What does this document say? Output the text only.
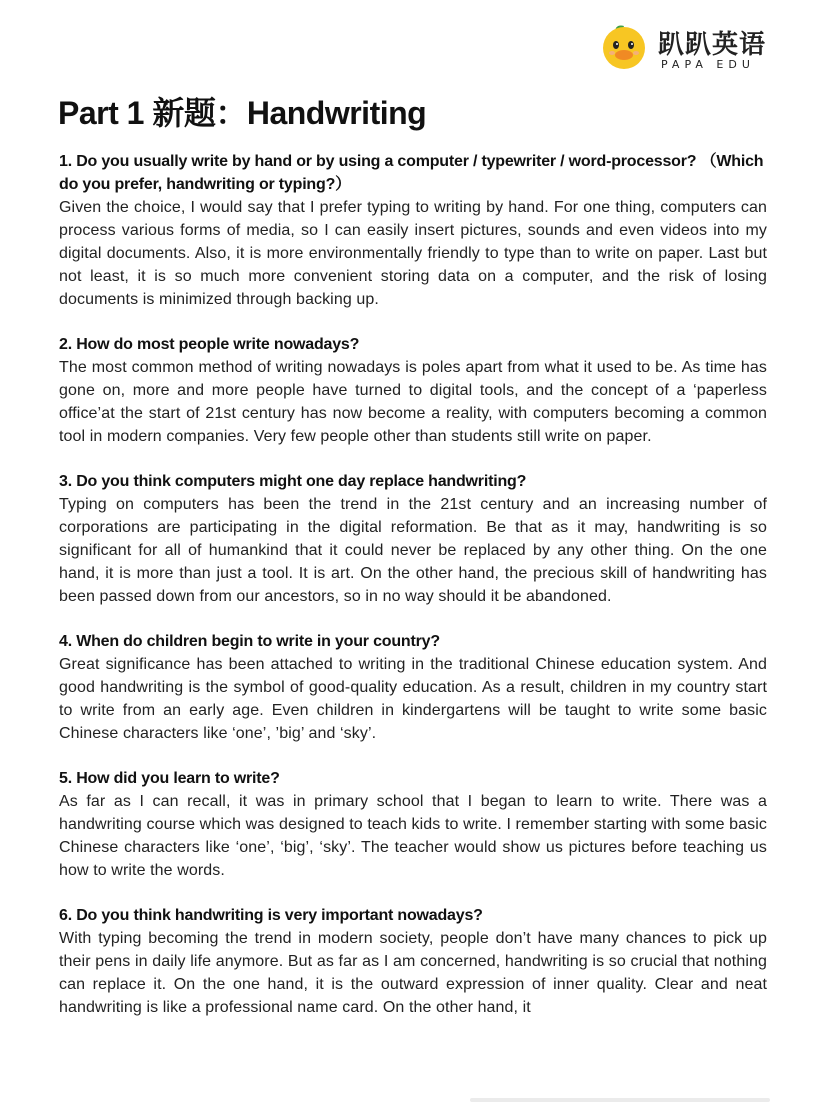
趴趴英语
PAPA EDU
Part 1 新题：Handwriting
1. Do you usually write by hand or by using a computer / typewriter / word-processor? （Which do you prefer, handwriting or typing?）
Given the choice, I would say that I prefer typing to writing by hand. For one thing, computers can process various forms of media, so I can easily insert pictures, sounds and even videos into my digital documents. Also, it is more environmentally friendly to type than to write on paper. Last but not least, it is so much more convenient storing data on a computer, and the risk of losing documents is minimized through backing up.
2. How do most people write nowadays?
The most common method of writing nowadays is poles apart from what it used to be. As time has gone on, more and more people have turned to digital tools, and the concept of a ‘paperless office’at the start of 21st century has now become a reality, with computers becoming a common tool in modern companies. Very few people other than students still write on paper.
3. Do you think computers might one day replace handwriting?
Typing on computers has been the trend in the 21st century and an increasing number of corporations are participating in the digital reformation. Be that as it may, handwriting is so significant for all of humankind that it could never be replaced by any other thing. On the one hand, it is more than just a tool. It is art. On the other hand, the precious skill of handwriting has been passed down from our ancestors, so in no way should it be abandoned.
4. When do children begin to write in your country?
Great significance has been attached to writing in the traditional Chinese education system. And good handwriting is the symbol of good-quality education. As a result, children in my country start to write from an early age. Even children in kindergartens will be taught to write some basic Chinese characters like ‘one’, ’big’ and ‘sky’.
5. How did you learn to write?
As far as I can recall, it was in primary school that I began to learn to write. There was a handwriting course which was designed to teach kids to write. I remember starting with some basic Chinese characters like ‘one’, ‘big’, ‘sky’. The teacher would show us pictures before teaching us how to write the words.
6. Do you think handwriting is very important nowadays?
With typing becoming the trend in modern society, people don’t have many chances to pick up their pens in daily life anymore. But as far as I am concerned, handwriting is so crucial that nothing can replace it. On the one hand, it is the outward expression of inner quality. Clear and neat handwriting is like a professional name card. On the other hand, it
